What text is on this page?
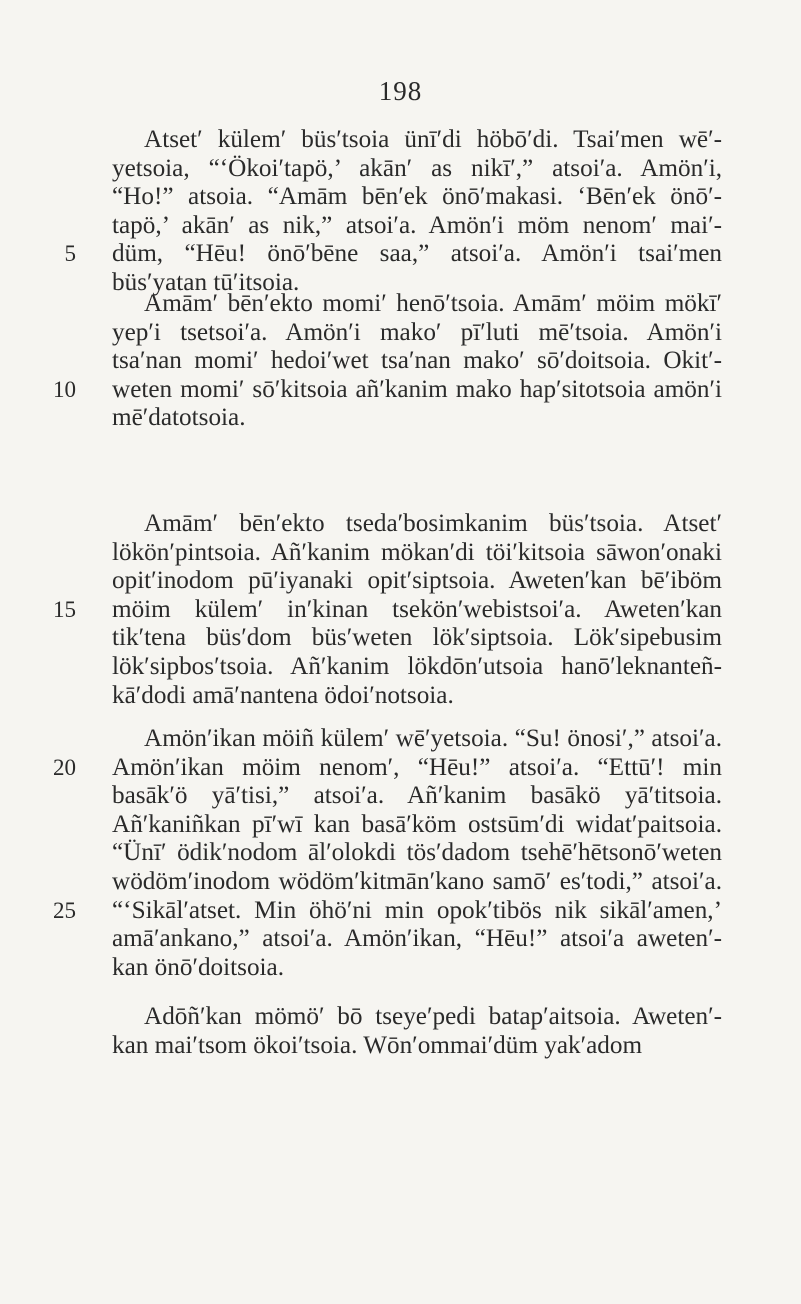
198
Atset′ külem′ büs′tsoia ünī′di höbō′di. Tsai′men wē′-
yetsoia, “‘Ökoi′tapö,’ akān′ as nikī′,” atsoi′a. Amön′i,
“Ho!” atsoia. “Amām bēn′ek önō′makasi. ‘Bēn′ek önō′-
tapö,’ akān′ as nik,” atsoi′a. Amön′i möm nenom′ mai′-
5 düm, “Hēu! önō′bēne saa,” atsoi′a. Amön′i tsai′men
büs′yatan tū′itsoia.
Amām′ bēn′ekto momi′ henō′tsoia. Amām′ möim mökī′
yep′i tsetsoi′a. Amön′i mako′ pī′luti mē′tsoia. Amön′i
tsa′nan momi′ hedoi′wet tsa′nan mako′ sō′doitsoia. Okit′-
10 weten momi′ sō′kitsoia añ′kanim mako hap′sitotsoia amön′i
mē′datotsoia.
Amām′ bēn′ekto tseda′bosimkanim büs′tsoia. Atset′
lökön′pintsoia. Añ′kanim mökan′di töi′kitsoia sāwon′onaki
opit′inodom pū′iyanaki opit′siptsoia. Aweten′kan bē′iböm
15 möim külem′ in′kinan tsekön′webistsoi′a. Aweten′kan
tik′tena büs′dom büs′weten lök′siptsoia. Lök′sipebusim
lök′sipbos′tsoia. Añ′kanim lökdōn′utsoia hanō′leknanteñ-
kā′dodi amā′nantena ödoi′notsoia.
Amön′ikan möiñ külem′ wē′yetsoia. “Su! önosi′,” atsoi′a.
20 Amön′ikan möim nenom′, “Hēu!” atsoi′a. “Ettū′! min
basāk′ö yā′tisi,” atsoi′a. Añ′kanim basākö yā′titsoia.
Añ′kaniñkan pī′wī kan basā′köm ostsūm′di widat′paitsoia.
“Ünī′ ödik′nodom āl′olokdi tös′dadom tsehē′hētsonō′weten
wödöm′inodom wödöm′kitmān′kano samō′ es′todi,” atsoi′a.
25 “‘Sikāl′atset. Min öhö′ni min opok′tibös nik sikāl′amen,’
amā′ankano,” atsoi′a. Amön′ikan, “Hēu!” atsoi′a aweten′-
kan önō′doitsoia.
Adōñ′kan mömö′ bō tseye′pedi batap′aitsoia. Aweten′-
kan mai′tsom ökoi′tsoia. Wōn′ommai′düm yak′adom
